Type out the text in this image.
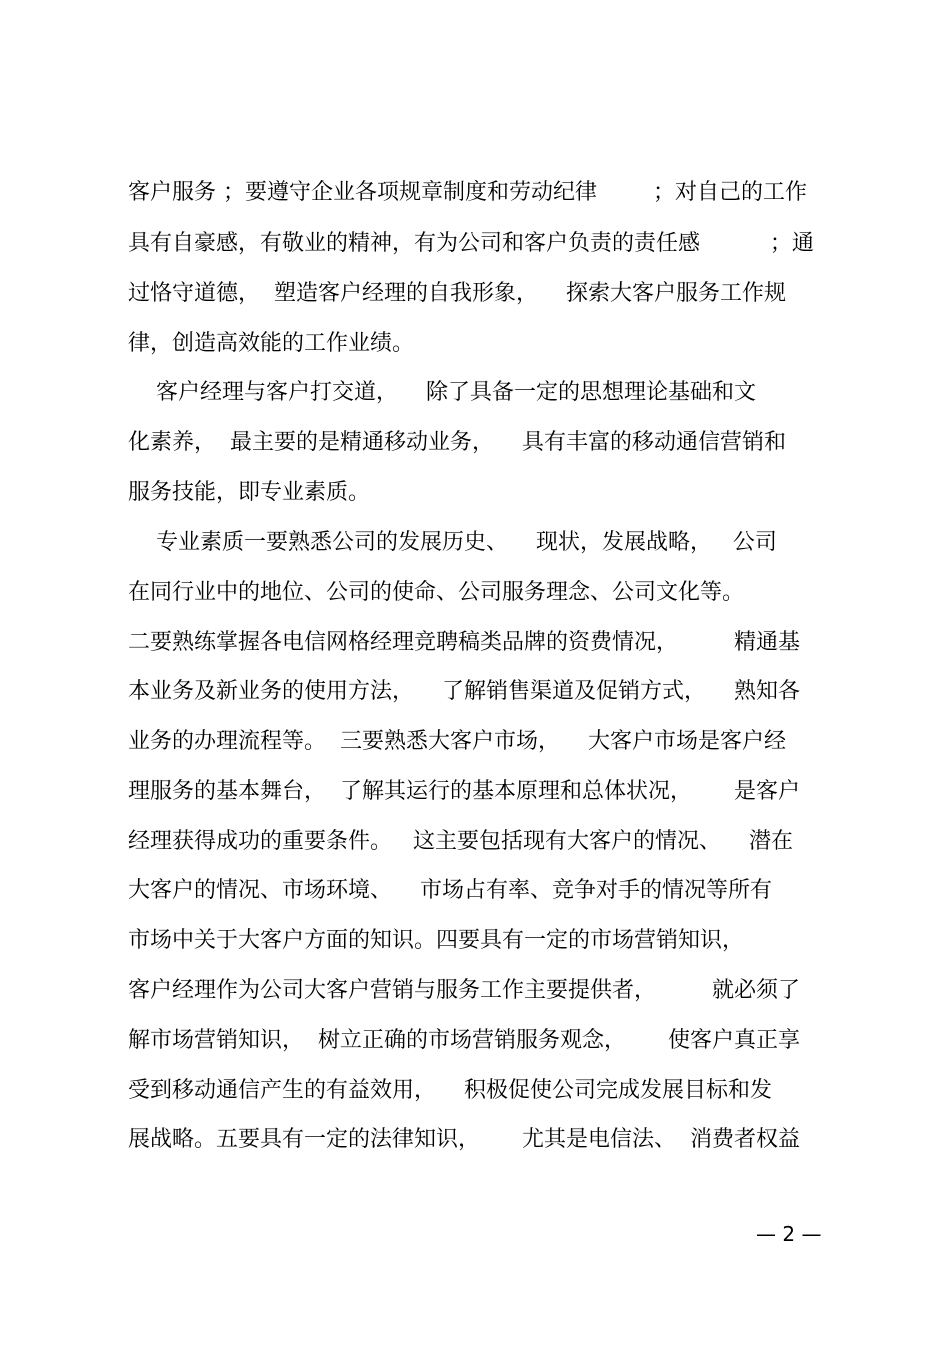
客户服务 ；要遵守企业各项规章制度和劳动纪律        ；对自己的工作
具有自豪感，有敬业的精神，有为公司和客户负责的责任感          ；通
过恪守道德，  塑造客户经理的自我形象，    探索大客户服务工作规
律，创造高效能的工作业绩。
客户经理与客户打交道，    除了具备一定的思想理论基础和文
化素养，  最主要的是精通移动业务，    具有丰富的移动通信营销和
服务技能，即专业素质。
专业素质一要熟悉公司的发展历史、    现状，发展战略，   公司
在同行业中的地位、公司的使命、公司服务理念、公司文化等。
二要熟练掌握各电信网格经理竞聘稿类品牌的资费情况，        精通基
本业务及新业务的使用方法，    了解销售渠道及促销方式，    熟知各
业务的办理流程等。  三要熟悉大客户市场，    大客户市场是客户经
理服务的基本舞台，  了解其运行的基本原理和总体状况，      是客户
经理获得成功的重要条件。   这主要包括现有大客户的情况、    潜在
大客户的情况、市场环境、    市场占有率、竞争对手的情况等所有
市场中关于大客户方面的知识。四要具有一定的市场营销知识，
客户经理作为公司大客户营销与服务工作主要提供者，        就必须了
解市场营销知识，  树立正确的市场营销服务观念，      使客户真正享
受到移动通信产生的有益效用，    积极促使公司完成发展目标和发
展战略。五要具有一定的法律知识，      尤其是电信法、  消费者权益
— 2 —
